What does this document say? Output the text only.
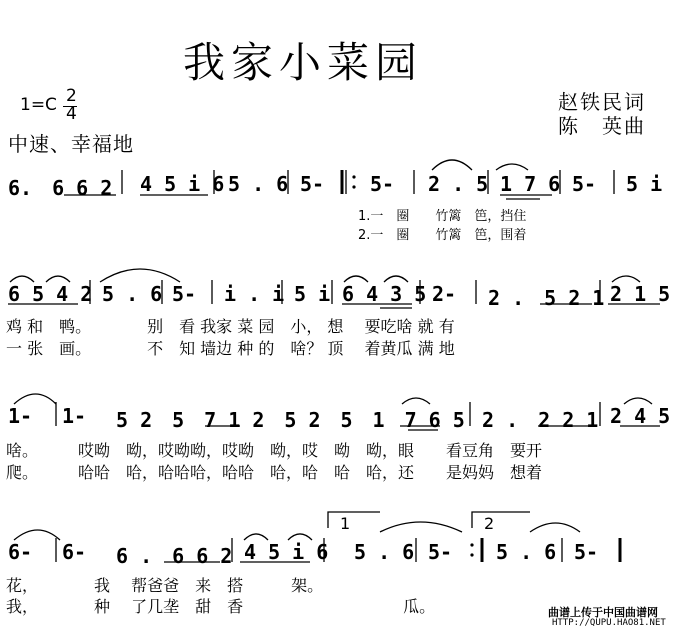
我家小菜园
1=C 2
4
中速、幸福地
赵铁民词
陈　英曲
6.　6 6 2 4 5 i 6 5 . 6 5- 5- 2 . 5 1 7 6 5- 5 i
1.一　圈　　竹篱　笆，挡住
2.一　圈　　竹篱　笆，围着
6 5 4 2 5 . 6 5- i . i 5 i 6 4 3 5 2- 2 .　5 2 1 2 1 5
鸡 和　鸭。　　　　别　看 我家 菜 园　小， 想　 要吃啥 就 有
一 张　画。　　　　不　知 墙边 种 的　啥？ 顶　 着黄瓜 满 地
1- 1- 5 2　5　7 1 2　5 2　5　1　7 6 5 2 .　2 2 1 2 4 5
啥。　　　哎呦　呦，哎呦呦，哎呦　呦，哎　呦　呦，眼　　看豆角　要开
爬。　　　哈哈　哈，哈哈哈，哈哈　哈，哈　哈　哈，还　　是妈妈　想着
6- 6- 6 .　6 6 2 4 5 i 6
1	2
5 . 6 5- 5 . 6 5-
花，　　　　我　 帮爸爸　来　搭　　　架。
我，　　　　种　 了几垄　甜　香　　　　　　　　　　瓜。	曲谱上传于中国曲谱网
HTTP://QUPU.HAO81.NET
